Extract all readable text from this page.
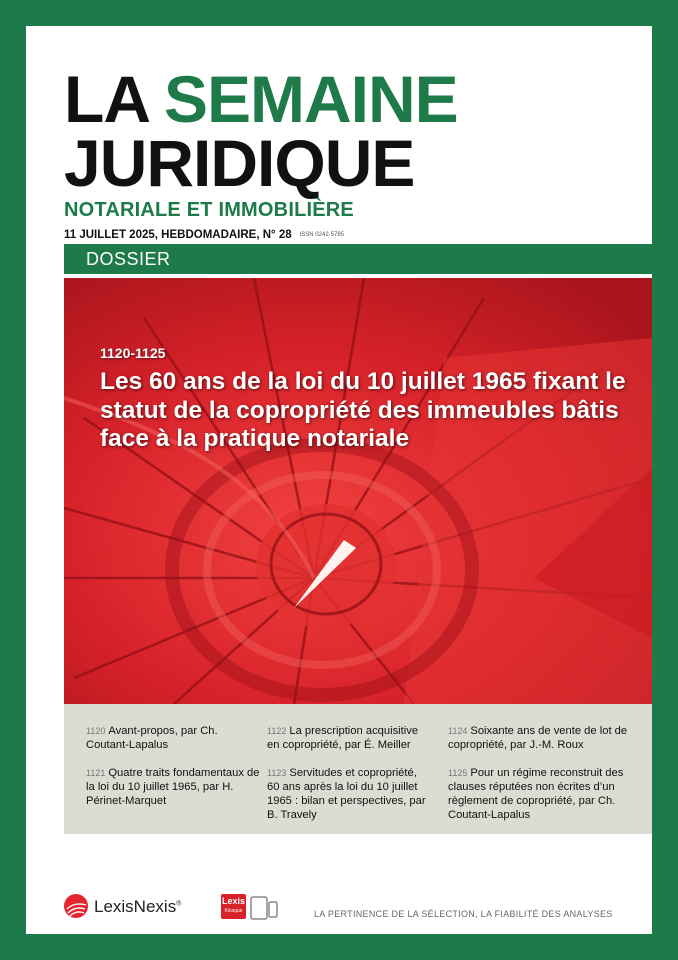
LA SEMAINE
JURIDIQUE
NOTARIALE ET IMMOBILIÈRE
11 JUILLET 2025, HEBDOMADAIRE, N° 28 ISSN 0242-5785
DOSSIER
1120-1125
Les 60 ans de la loi du 10 juillet 1965 fixant le statut de la copropriété des immeubles bâtis face à la pratique notariale
1120 Avant-propos, par Ch. Coutant-Lapalus
1121 Quatre traits fondamentaux de la loi du 10 juillet 1965, par H. Périnet-Marquet
1122 La prescription acquisitive en copropriété, par É. Meiller
1123 Servitudes et copropriété, 60 ans après la loi du 10 juillet 1965 : bilan et perspectives, par B. Travely
1124 Soixante ans de vente de lot de copropriété, par J.-M. Roux
1125 Pour un régime reconstruit des clauses réputées non écrites d’un règlement de copropriété, par Ch. Coutant-Lapalus
LexisNexis®	Lexis
Kiosque	LA PERTINENCE DE LA SÉLECTION, LA FIABILITÉ DES ANALYSES
